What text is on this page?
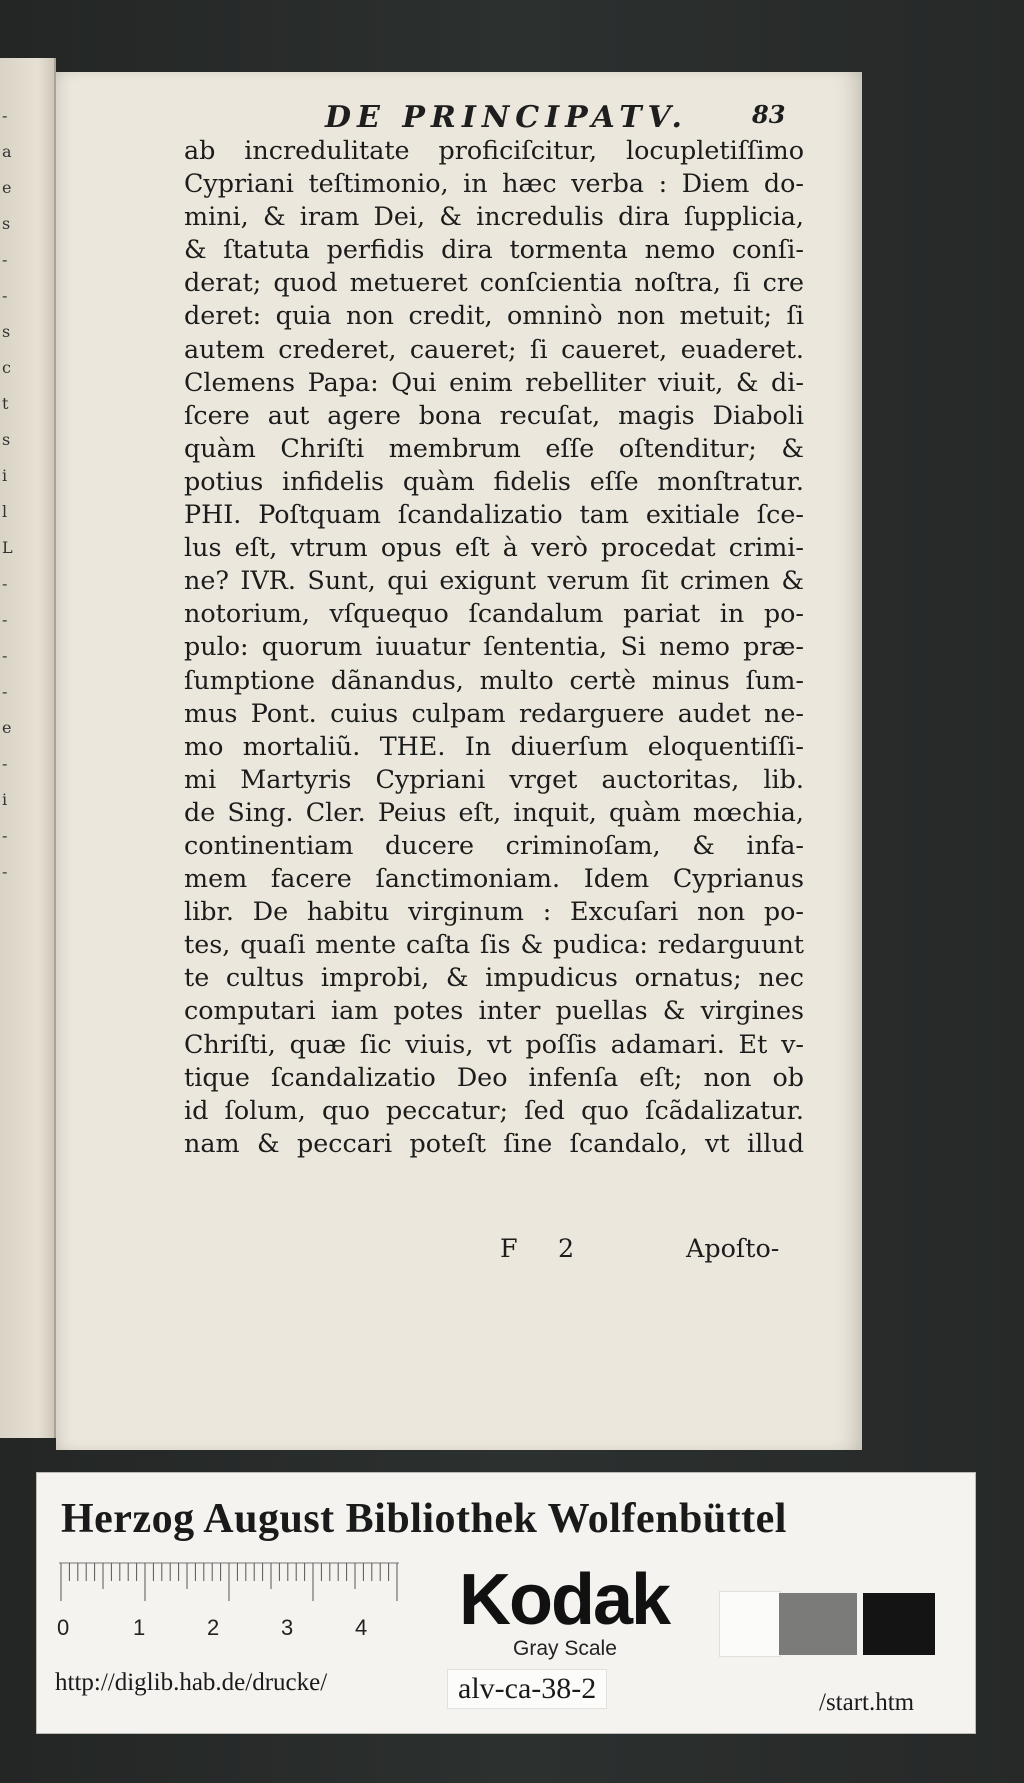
-
a
e
s
-
-
s
c
t
s
i
l
L
-
-
-
-
e
-
i
-
-
DE PRINCIPATV.	83
ab incredulitate proficiſcitur, locupletiſſimo
Cypriani teſtimonio, in hæc verba : Diem do-
mini, & iram Dei, & incredulis dira ſupplicia,
& ſtatuta perfidis dira tormenta nemo conſi-
derat; quod metueret conſcientia noſtra, ſi cre
deret: quia non credit, omninò non metuit; ſi
autem crederet, caueret; ſi caueret, euaderet.
Clemens Papa: Qui enim rebelliter viuit, & di-
ſcere aut agere bona recuſat, magis Diaboli
quàm Chriſti membrum eſſe oſtenditur; &
potius infidelis quàm fidelis eſſe monſtratur.
PHI. Poſtquam ſcandalizatio tam exitiale ſce-
lus eſt, vtrum opus eſt à verò procedat crimi-
ne? IVR. Sunt, qui exigunt verum ſit crimen &
notorium, vſquequo ſcandalum pariat in po-
pulo: quorum iuuatur ſententia, Si nemo præ-
ſumptione dãnandus, multo certè minus ſum-
mus Pont. cuius culpam redarguere audet ne-
mo mortaliũ. THE. In diuerſum eloquentiſſi-
mi Martyris Cypriani vrget auctoritas, lib.
de Sing. Cler. Peius eſt, inquit, quàm mœchia,
continentiam ducere criminoſam, & infa-
mem facere ſanctimoniam. Idem Cyprianus
libr. De habitu virginum : Excuſari non po-
tes, quaſi mente caſta ſis & pudica: redarguunt
te cultus improbi, & impudicus ornatus; nec
computari iam potes inter puellas & virgines
Chriſti, quæ ſic viuis, vt poſſis adamari. Et v-
tique ſcandalizatio Deo infenſa eſt; non ob
id ſolum, quo peccatur; ſed quo ſcãdalizatur.
nam & peccari poteſt ſine ſcandalo, vt illud
F 2	Apoſto-
Herzog August Bibliothek Wolfenbüttel
0	1	2	3	4 Kodak
Gray Scale
http://diglib.hab.de/drucke/	alv-ca-38-2	/start.htm
